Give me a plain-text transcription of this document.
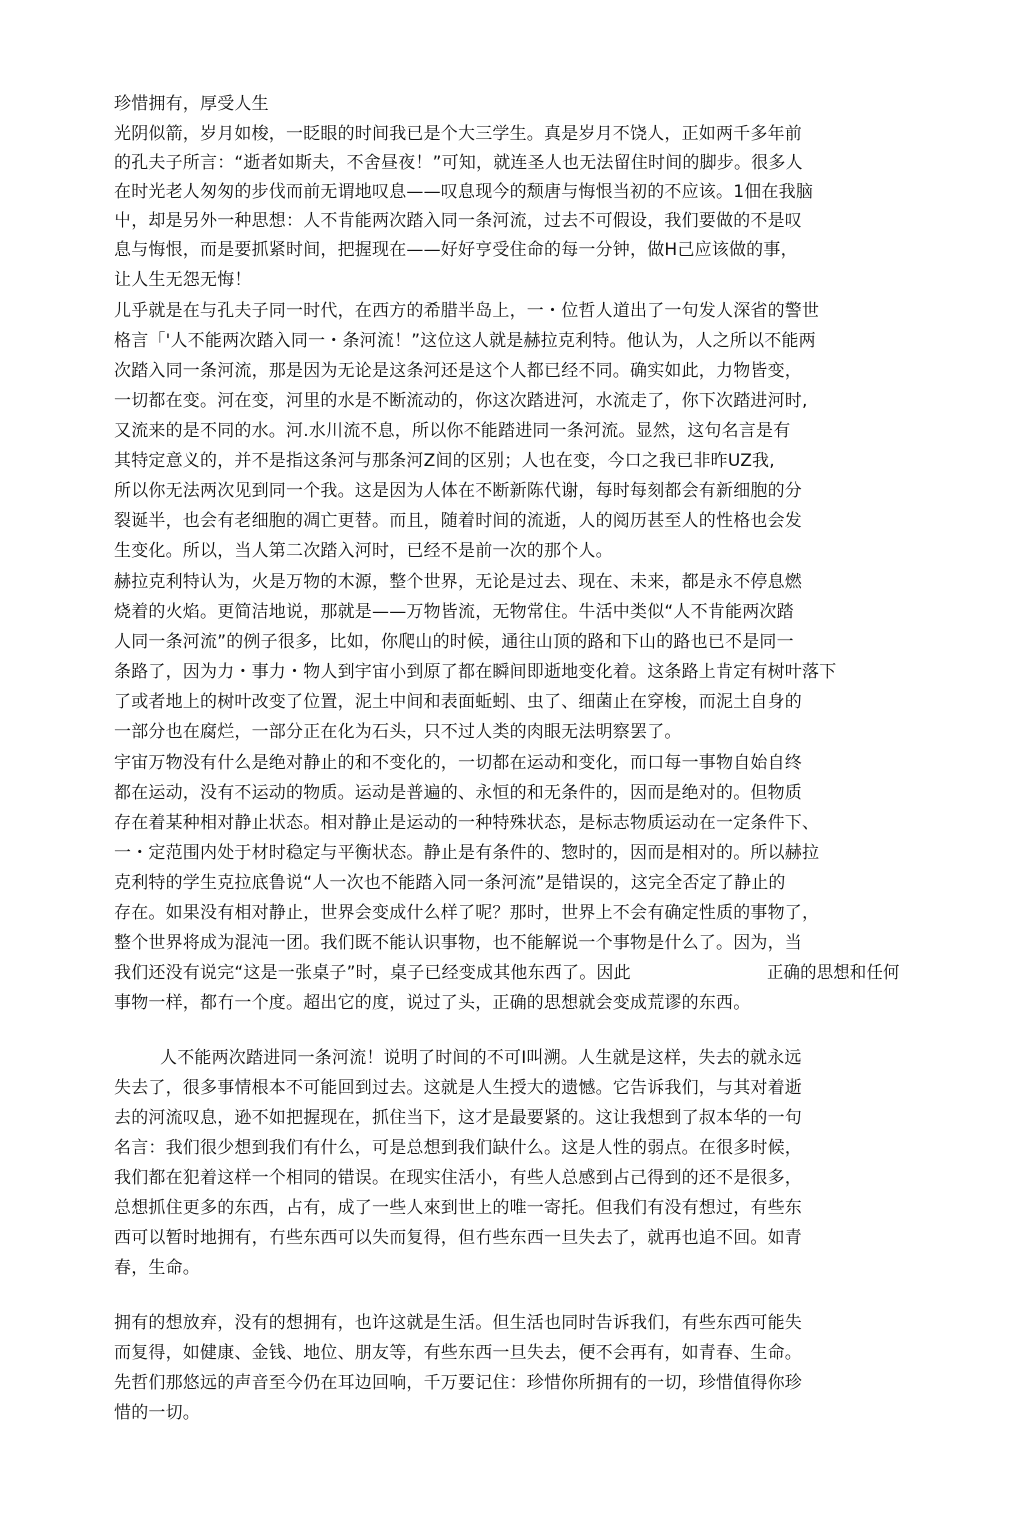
珍惜拥有，厚受人生
光阴似箭，岁月如梭，一眨眼的时间我已是个大三学生。真是岁月不饶人，正如两千多年前
的孔夫子所言：“逝者如斯夫，不舍昼夜！”可知，就连圣人也无法留住时间的脚步。很多人
在时光老人匆匆的步伐而前无谓地叹息——叹息现今的颓唐与悔恨当初的不应该。1佃在我脑
屮，却是另外一种思想：人不肯能两次踏入同一条河流，过去不可假设，我们要做的不是叹
息与悔恨，而是要抓紧时间，把握现在——好好亨受住命的每一分钟，做H己应该做的事，
让人生无怨无悔！
儿乎就是在与孔夫子同一时代，在西方的希腊半岛上，一・位哲人道出了一句发人深省的警世
格言「'人不能两次踏入同一・条河流！”这位这人就是赫拉克利特。他认为，人之所以不能两
次踏入同一条河流，那是因为无论是这条河还是这个人都已经不同。确实如此，力物皆变，
一切都在变。河在变，河里的水是不断流动的，你这次踏进河，水流走了，你下次踏进河时,
又流来的是不同的水。河.水川流不息，所以你不能踏进同一条河流。显然，这句名言是有
其特定意义的，并不是指这条河与那条河Z间的区别；人也在变，今口之我已非昨UZ我,
所以你无法两次见到同一个我。这是因为人体在不断新陈代谢，每时每刻都会有新细胞的分
裂诞半，也会有老细胞的凋亡更替。而且，随着时间的流逝，人的阅历甚至人的性格也会发
生变化。所以，当人第二次踏入河时，已经不是前一次的那个人。
赫拉克利特认为，火是万物的木源，整个世界，无论是过去、现在、未来，都是永不停息燃
烧着的火焰。更简洁地说，那就是——万物皆流，无物常住。牛活中类似“人不肯能两次踏
人同一条河流”的例子很多，比如，你爬山的时候，通往山顶的路和下山的路也已不是同一
条路了，因为力・事力・物人到宇宙小到原了都在瞬间即逝地变化着。这条路上肯定有树叶落下
了或者地上的树叶改变了位置，泥土中间和表面蚯蚓、虫了、细菌止在穿梭，而泥土自身的
一部分也在腐烂，一部分正在化为石头，只不过人类的肉眼无法明察罢了。
宇宙万物没有什么是绝对静止的和不变化的，一切都在运动和变化，而口每一事物自始自终
都在运动，没有不运动的物质。运动是普遍的、永恒的和无条件的，因而是绝对的。但物质
存在着某种相对静止状态。相对静止是运动的一种特殊状态，是标志物质运动在一定条件下、
一・定范围内处于材时稳定与平衡状态。静止是有条件的、惣时的，因而是相对的。所以赫拉
克利特的学生克拉底鲁说“人一次也不能踏入同一条河流”是错误的，这完全否定了静止的
存在。如果没有相对静止，世界会变成什么样了呢？那时，世界上不会有确定性质的事物了，
整个世界将成为混沌一团。我们既不能认识事物，也不能解说一个事物是什么了。因为，当
我们还没有说完“这是一张桌子”时，桌子已经变成其他东西了。因此	正确的思想和任何
事物一样，都冇一个度。超出它的度，说过了头，正确的思想就会变成荒谬的东西。
人不能两次踏进同一条河流！说明了时间的不可I叫溯。人生就是这样，失去的就永远
失去了，很多事情根本不可能回到过去。这就是人生授大的遗憾。它告诉我们，与其对着逝
去的河流叹息，逊不如把握现在，抓住当下，这才是最要紧的。这让我想到了叔本华的一句
名言：我们很少想到我们有什么，可是总想到我们缺什么。这是人性的弱点。在很多时候，
我们都在犯着这样一个相同的错误。在现实住活小，有些人总感到占己得到的还不是很多，
总想抓住更多的东西，占有，成了一些人來到世上的唯一寄托。但我们有没有想过，有些东
西可以暂时地拥有，冇些东西可以失而复得，但冇些东西一旦失去了，就再也追不回。如青
春，生命。
拥有的想放弃，没有的想拥有，也许这就是生活。但生活也同时告诉我们，有些东西可能失
而复得，如健康、金钱、地位、朋友等，有些东西一旦失去，便不会再有，如青春、生命。
先哲们那悠远的声音至今仍在耳边回响，千万要记住：珍惜你所拥有的一切，珍惜值得你珍
惜的一切。
